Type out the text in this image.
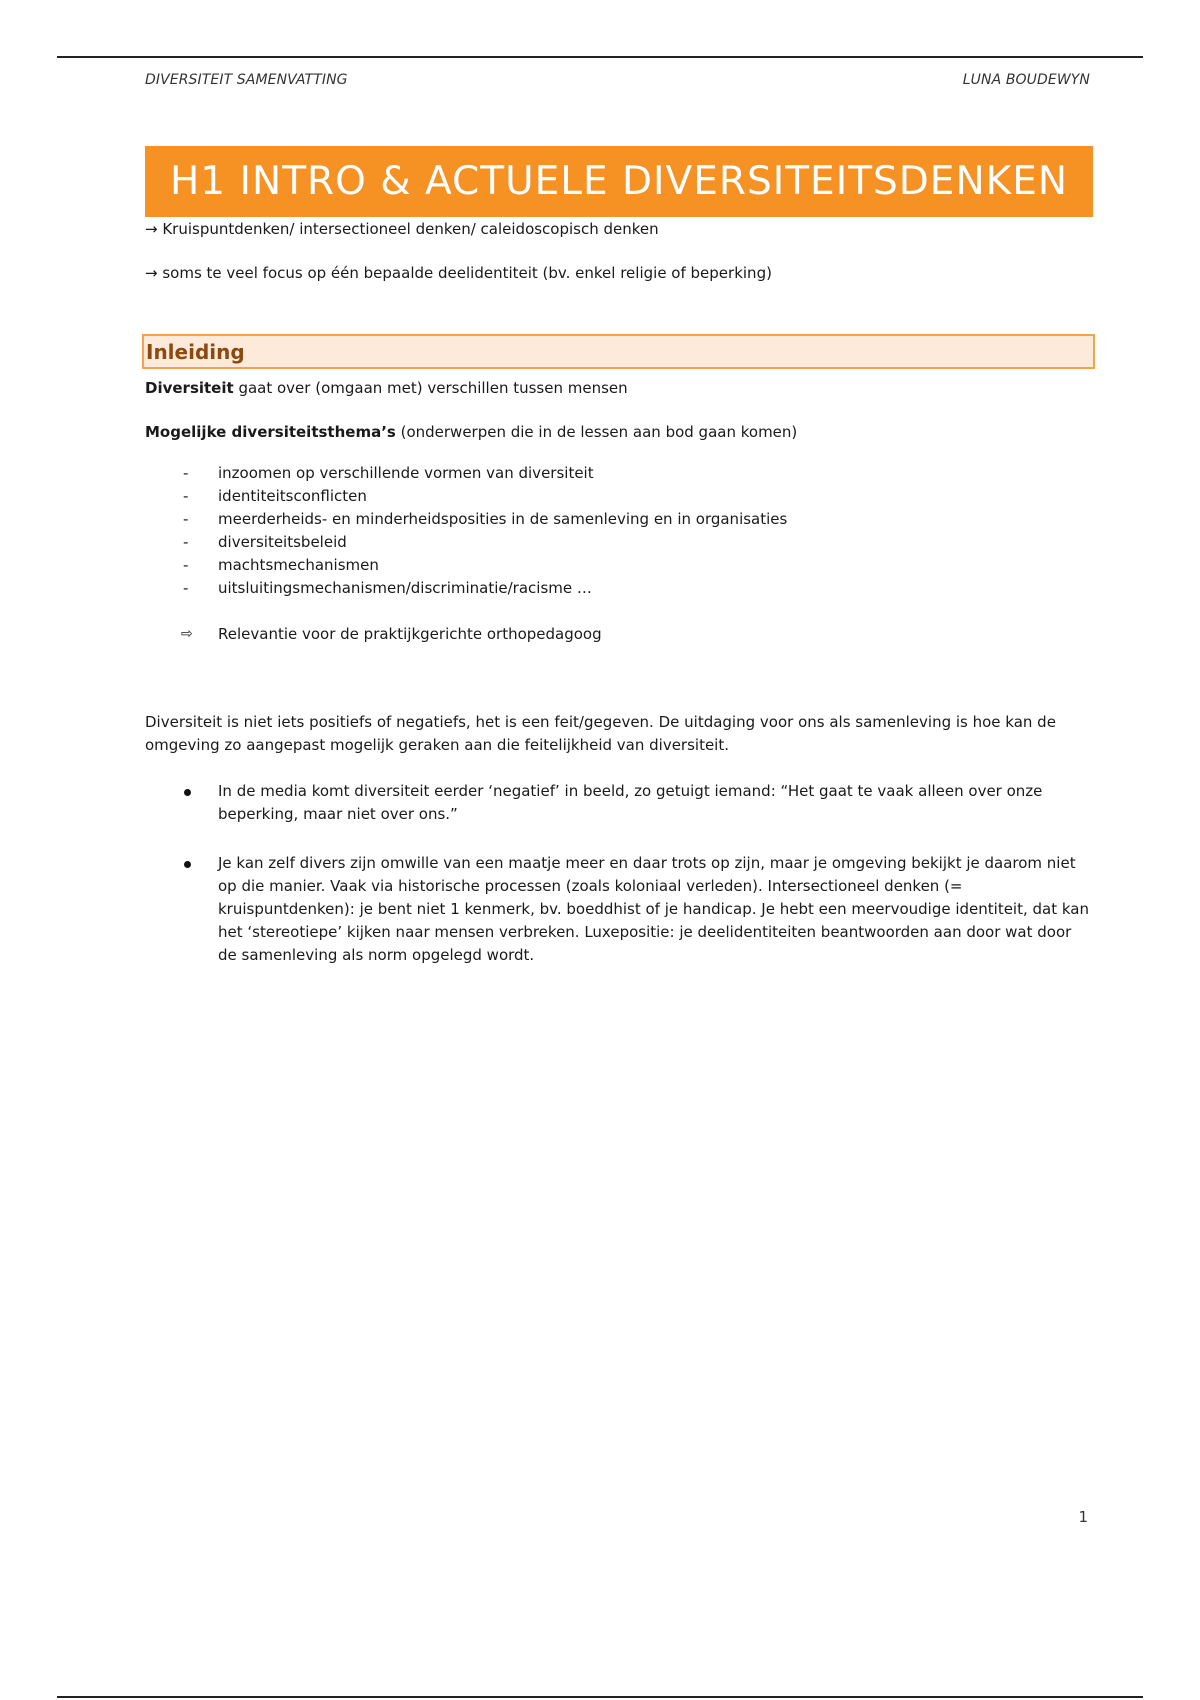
DIVERSITEIT SAMENVATTING	LUNA BOUDEWYN
H1 INTRO & ACTUELE DIVERSITEITSDENKEN

→ Kruispuntdenken/ intersectioneel denken/ caleidoscopisch denken

→ soms te veel focus op één bepaalde deelidentiteit (bv. enkel religie of beperking)

Inleiding

Diversiteit gaat over (omgaan met) verschillen tussen mensen

Mogelijke diversiteitsthema’s (onderwerpen die in de lessen aan bod gaan komen)

- inzoomen op verschillende vormen van diversiteit
- identiteitsconflicten
- meerderheids- en minderheidsposities in de samenleving en in organisaties
- diversiteitsbeleid
- machtsmechanismen
- uitsluitingsmechanismen/discriminatie/racisme …
⇨ Relevantie voor de praktijkgerichte orthopedagoog

Diversiteit is niet iets positiefs of negatiefs, het is een feit/gegeven. De uitdaging voor ons als samenleving is hoe kan de omgeving zo aangepast mogelijk geraken aan die feitelijkheid van diversiteit.

In de media komt diversiteit eerder ‘negatief’ in beeld, zo getuigt iemand: “Het gaat te vaak alleen over onze beperking, maar niet over ons.”
Je kan zelf divers zijn omwille van een maatje meer en daar trots op zijn, maar je omgeving bekijkt je daarom niet op die manier. Vaak via historische processen (zoals koloniaal verleden). Intersectioneel denken (= kruispuntdenken): je bent niet 1 kenmerk, bv. boeddhist of je handicap. Je hebt een meervoudige identiteit, dat kan het ‘stereotiepe’ kijken naar mensen verbreken. Luxepositie: je deelidentiteiten beantwoorden aan door wat door de samenleving als norm opgelegd wordt.
1
